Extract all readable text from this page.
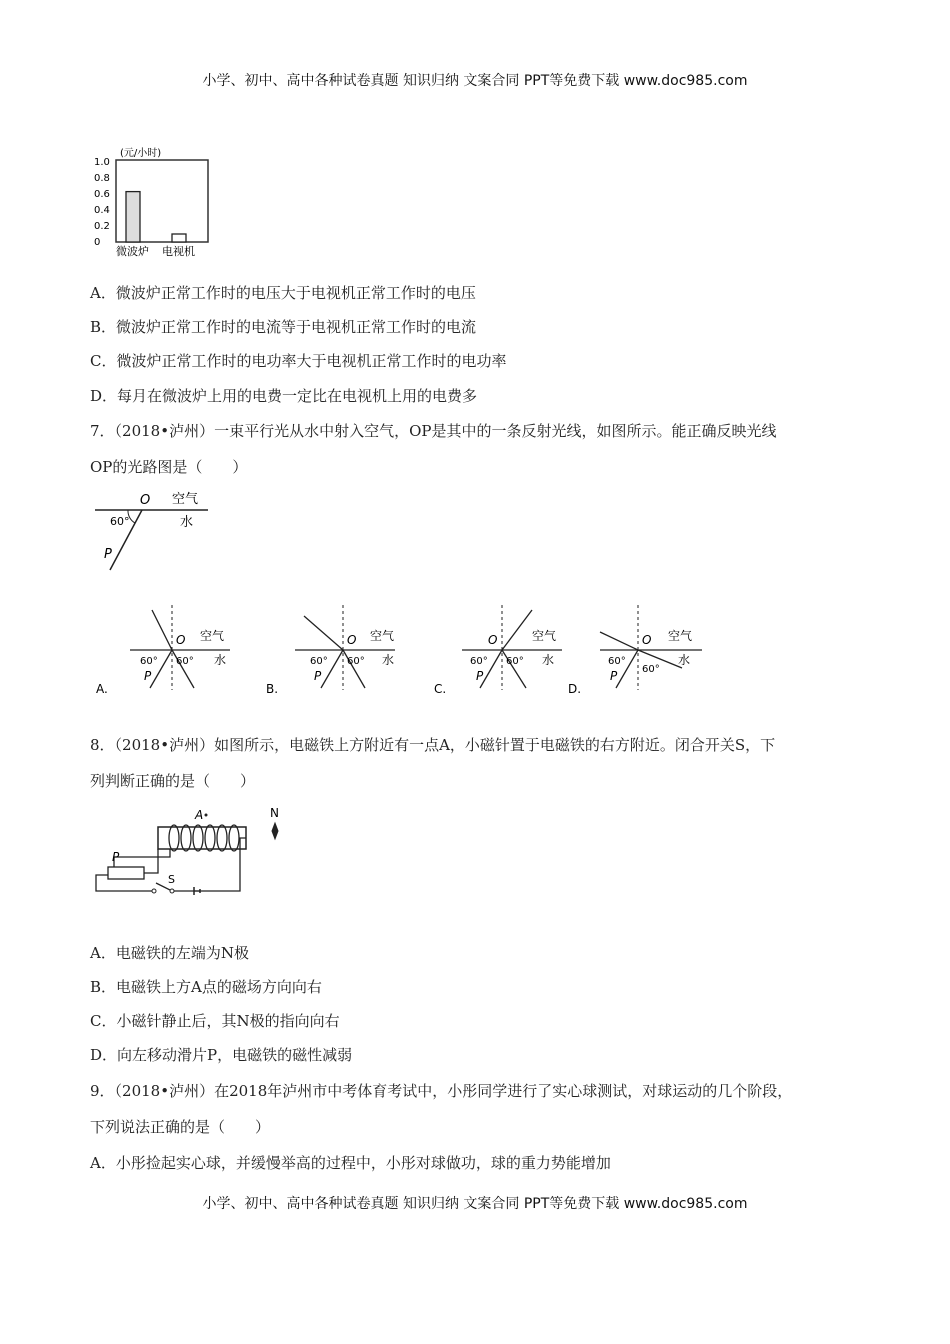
小学、初中、高中各种试卷真题 知识归纳 文案合同 PPT等免费下载 www.doc985.com
(元/小时)
1.0
0.8
0.6
0.4
0.2
0
微波炉 电视机
A．微波炉正常工作时的电压大于电视机正常工作时的电压
B．微波炉正常工作时的电流等于电视机正常工作时的电流
C．微波炉正常工作时的电功率大于电视机正常工作时的电功率
D．每月在微波炉上用的电费一定比在电视机上用的电费多
7．（2018•泸州）一束平行光从水中射入空气，OP是其中的一条反射光线，如图所示。能正确反映光线
OP的光路图是（　　）
O 空气
水
60°
P
O 空气
水
60° 60°
P
A.
O 空气
水
60° 60°
P
B.
O	空气
水
60° 60°
P
C.
O 空气
水
60°
60°
P
D.
8．（2018•泸州）如图所示，电磁铁上方附近有一点A，小磁针置于电磁铁的右方附近。闭合开关S，下
列判断正确的是（　　）
A	N
S
P
A．电磁铁的左端为N极
B．电磁铁上方A点的磁场方向向右
C．小磁针静止后，其N极的指向向右
D．向左移动滑片P，电磁铁的磁性减弱
9．（2018•泸州）在2018年泸州市中考体育考试中，小彤同学进行了实心球测试，对球运动的几个阶段，
下列说法正确的是（　　）
A．小彤捡起实心球，并缓慢举高的过程中，小彤对球做功，球的重力势能增加
小学、初中、高中各种试卷真题 知识归纳 文案合同 PPT等免费下载 www.doc985.com
